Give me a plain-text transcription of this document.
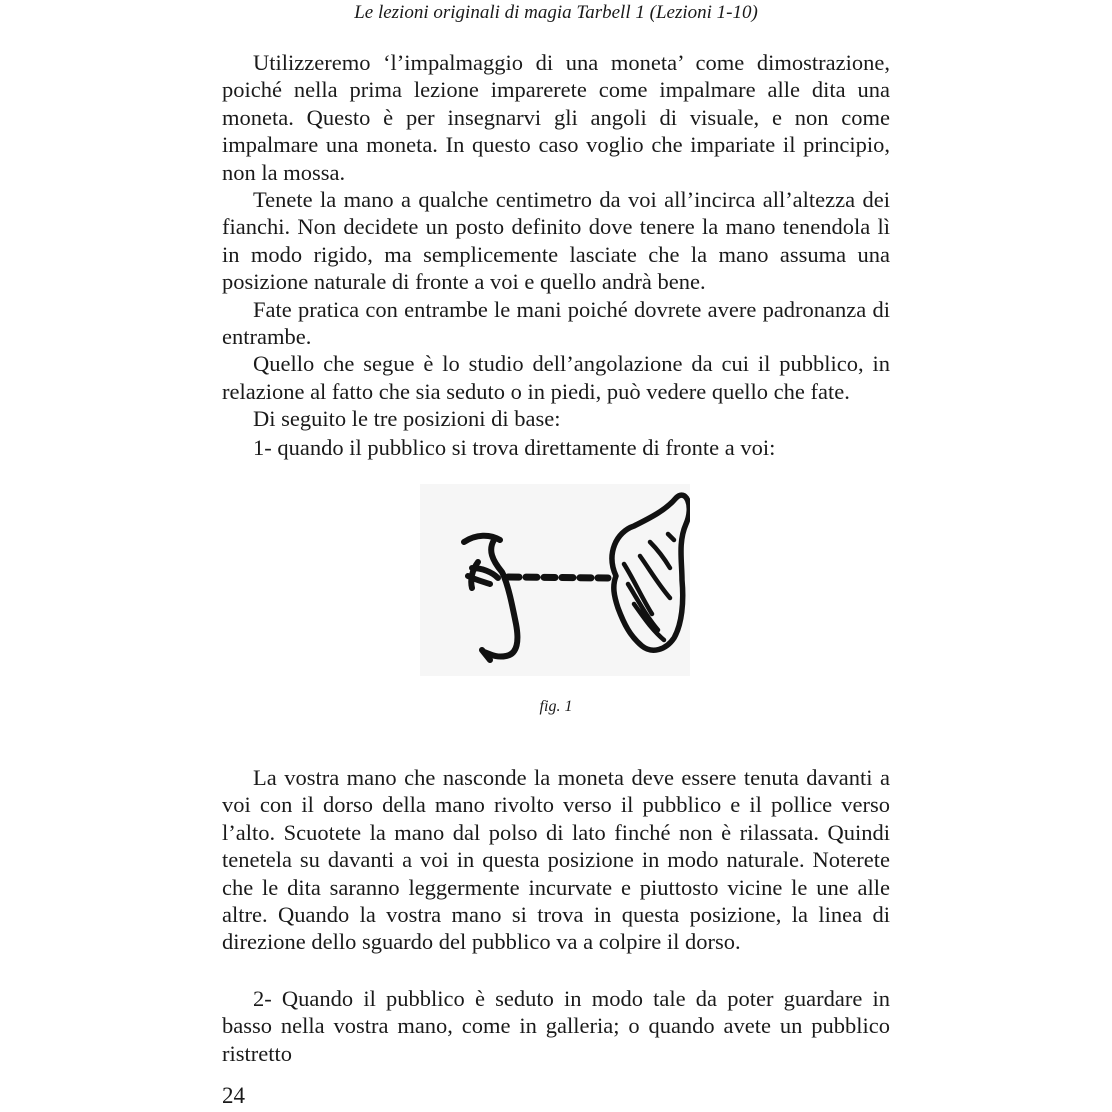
Le lezioni originali di magia Tarbell 1 (Lezioni 1-10)

Utilizzeremo ‘l’impalmaggio di una moneta’ come dimostrazione, poiché nella prima lezione imparerete come impalmare alle dita una moneta. Questo è per insegnarvi gli angoli di visuale, e non come impalmare una moneta. In questo caso voglio che impariate il principio, non la mossa.

Tenete la mano a qualche centimetro da voi all’incirca all’altezza dei fianchi. Non decidete un posto definito dove tenere la mano tenendola lì in modo rigido, ma semplicemente lasciate che la mano assuma una posizione naturale di fronte a voi e quello andrà bene.

Fate pratica con entrambe le mani poiché dovrete avere padronanza di entrambe.

Quello che segue è lo studio dell’angolazione da cui il pubblico, in relazione al fatto che sia seduto o in piedi, può vedere quello che fate.

Di seguito le tre posizioni di base:

1- quando il pubblico si trova direttamente di fronte a voi:
fig. 1

La vostra mano che nasconde la moneta deve essere tenuta davanti a voi con il dorso della mano rivolto verso il pubblico e il pollice verso l’alto. Scuotete la mano dal polso di lato finché non è rilassata. Quindi tenetela su davanti a voi in questa posizione in modo naturale. Noterete che le dita saranno leggermente incurvate e piuttosto vicine le une alle altre. Quando la vostra mano si trova in questa posizione, la linea di direzione dello sguardo del pubblico va a colpire il dorso.

2- Quando il pubblico è seduto in modo tale da poter guardare in basso nella vostra mano, come in galleria; o quando avete un pubblico ristretto

24
